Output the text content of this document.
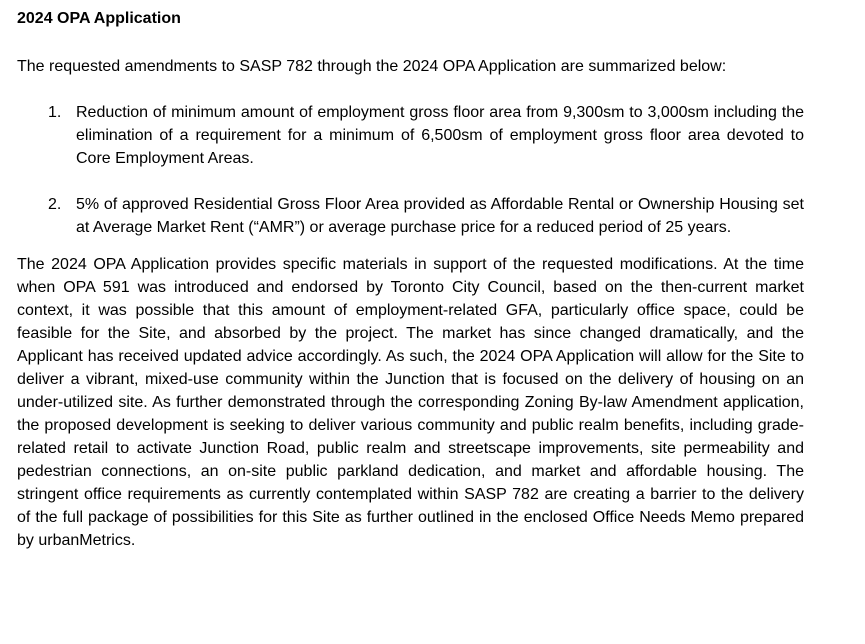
2024 OPA Application

The requested amendments to SASP 782 through the 2024 OPA Application are summarized below:

1. Reduction of minimum amount of employment gross floor area from 9,300sm to 3,000sm including the elimination of a requirement for a minimum of 6,500sm of employment gross floor area devoted to Core Employment Areas.
2. 5% of approved Residential Gross Floor Area provided as Affordable Rental or Ownership Housing set at Average Market Rent (“AMR”) or average purchase price for a reduced period of 25 years.

The 2024 OPA Application provides specific materials in support of the requested modifications. At the time when OPA 591 was introduced and endorsed by Toronto City Council, based on the then-current market context, it was possible that this amount of employment-related GFA, particularly office space, could be feasible for the Site, and absorbed by the project. The market has since changed dramatically, and the Applicant has received updated advice accordingly. As such, the 2024 OPA Application will allow for the Site to deliver a vibrant, mixed-use community within the Junction that is focused on the delivery of housing on an under-utilized site. As further demonstrated through the corresponding Zoning By-law Amendment application, the proposed development is seeking to deliver various community and public realm benefits, including grade-related retail to activate Junction Road, public realm and streetscape improvements, site permeability and pedestrian connections, an on-site public parkland dedication, and market and affordable housing. The stringent office requirements as currently contemplated within SASP 782 are creating a barrier to the delivery of the full package of possibilities for this Site as further outlined in the enclosed Office Needs Memo prepared by urbanMetrics.
